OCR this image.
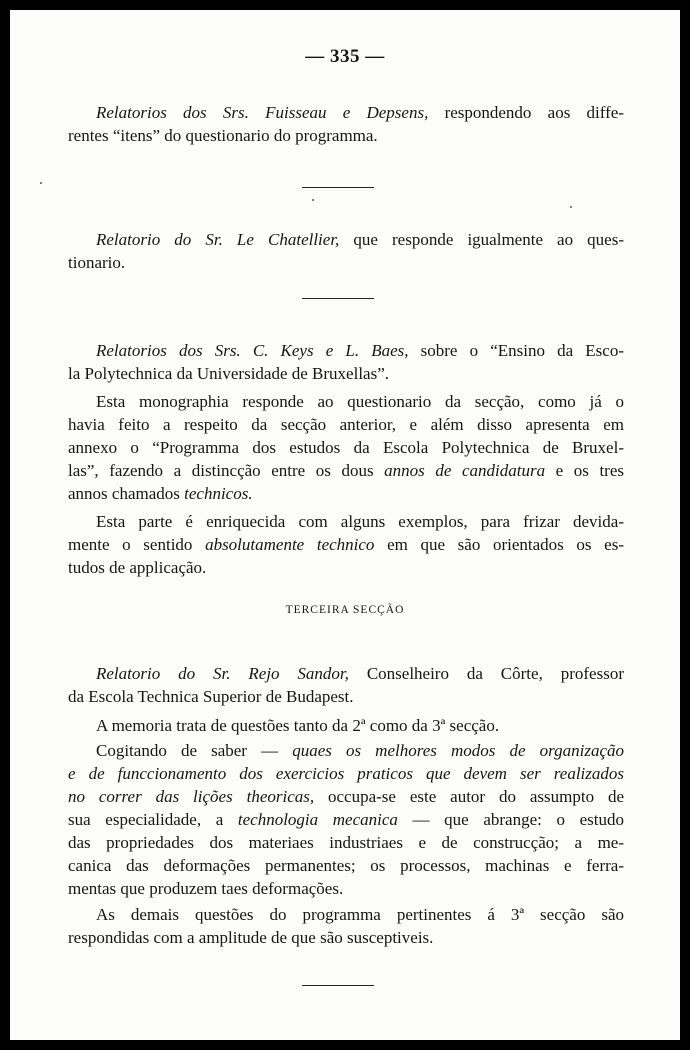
— 335 —
Relatorios dos Srs. Fuisseau e Depsens, respondendo aos diffe-
rentes “itens” do questionario do programma.
Relatorio do Sr. Le Chatellier, que responde igualmente ao ques-
tionario.
Relatorios dos Srs. C. Keys e L. Baes, sobre o “Ensino da Esco-
la Polytechnica da Universidade de Bruxellas”.
Esta monographia responde ao questionario da secção, como já o
havia feito a respeito da secção anterior, e além disso apresenta em
annexo o “Programma dos estudos da Escola Polytechnica de Bruxel-
las”, fazendo a distincção entre os dous annos de candidatura e os tres
annos chamados technicos.
Esta parte é enriquecida com alguns exemplos, para frizar devida-
mente o sentido absolutamente technico em que são orientados os es-
tudos de applicação.
TERCEIRA SECÇÃO
Relatorio do Sr. Rejo Sandor, Conselheiro da Côrte, professor
da Escola Technica Superior de Budapest.
A memoria trata de questões tanto da 2ª como da 3ª secção.
Cogitando de saber — quaes os melhores modos de organização
e de funccionamento dos exercicios praticos que devem ser realizados
no correr das lições theoricas, occupa-se este autor do assumpto de
sua especialidade, a technologia mecanica — que abrange: o estudo
das propriedades dos materiaes industriaes e de construcção; a me-
canica das deformações permanentes; os processos, machinas e ferra-
mentas que produzem taes deformações.
As demais questões do programma pertinentes á 3ª secção são
respondidas com a amplitude de que são susceptiveis.
